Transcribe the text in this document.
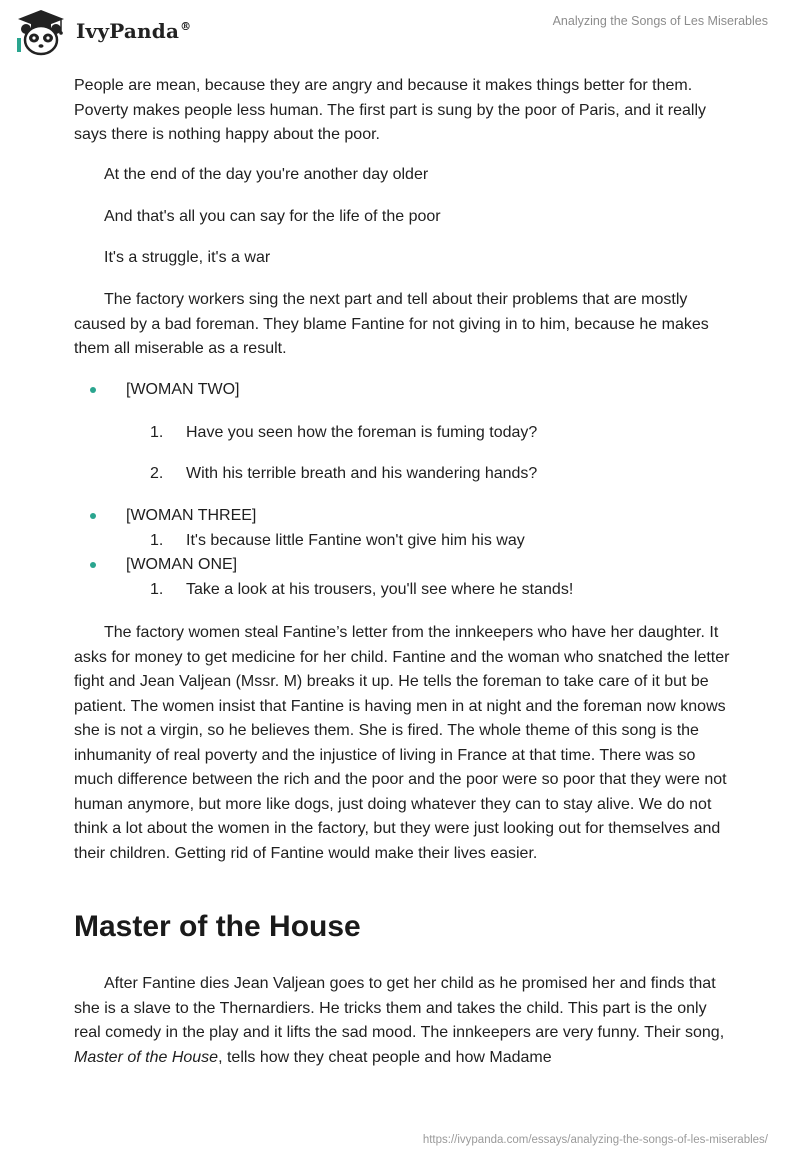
IvyPanda®	Analyzing the Songs of Les Miserables

People are mean, because they are angry and because it makes things better for them. Poverty makes people less human. The first part is sung by the poor of Paris, and it really says there is nothing happy about the poor.

At the end of the day you're another day older

And that's all you can say for the life of the poor

It's a struggle, it's a war

The factory workers sing the next part and tell about their problems that are mostly caused by a bad foreman. They blame Fantine for not giving in to him, because he makes them all miserable as a result.

[WOMAN TWO]
1. Have you seen how the foreman is fuming today?
2. With his terrible breath and his wandering hands?
[WOMAN THREE]
1. It's because little Fantine won't give him his way
[WOMAN ONE]
1. Take a look at his trousers, you'll see where he stands!

The factory women steal Fantine’s letter from the innkeepers who have her daughter. It asks for money to get medicine for her child. Fantine and the woman who snatched the letter fight and Jean Valjean (Mssr. M) breaks it up. He tells the foreman to take care of it but be patient. The women insist that Fantine is having men in at night and the foreman now knows she is not a virgin, so he believes them. She is fired. The whole theme of this song is the inhumanity of real poverty and the injustice of living in France at that time. There was so much difference between the rich and the poor and the poor were so poor that they were not human anymore, but more like dogs, just doing whatever they can to stay alive. We do not think a lot about the women in the factory, but they were just looking out for themselves and their children. Getting rid of Fantine would make their lives easier.

Master of the House

After Fantine dies Jean Valjean goes to get her child as he promised her and finds that she is a slave to the Thernardiers. He tricks them and takes the child. This part is the only real comedy in the play and it lifts the sad mood. The innkeepers are very funny. Their song, Master of the House, tells how they cheat people and how Madame

https://ivypanda.com/essays/analyzing-the-songs-of-les-miserables/
